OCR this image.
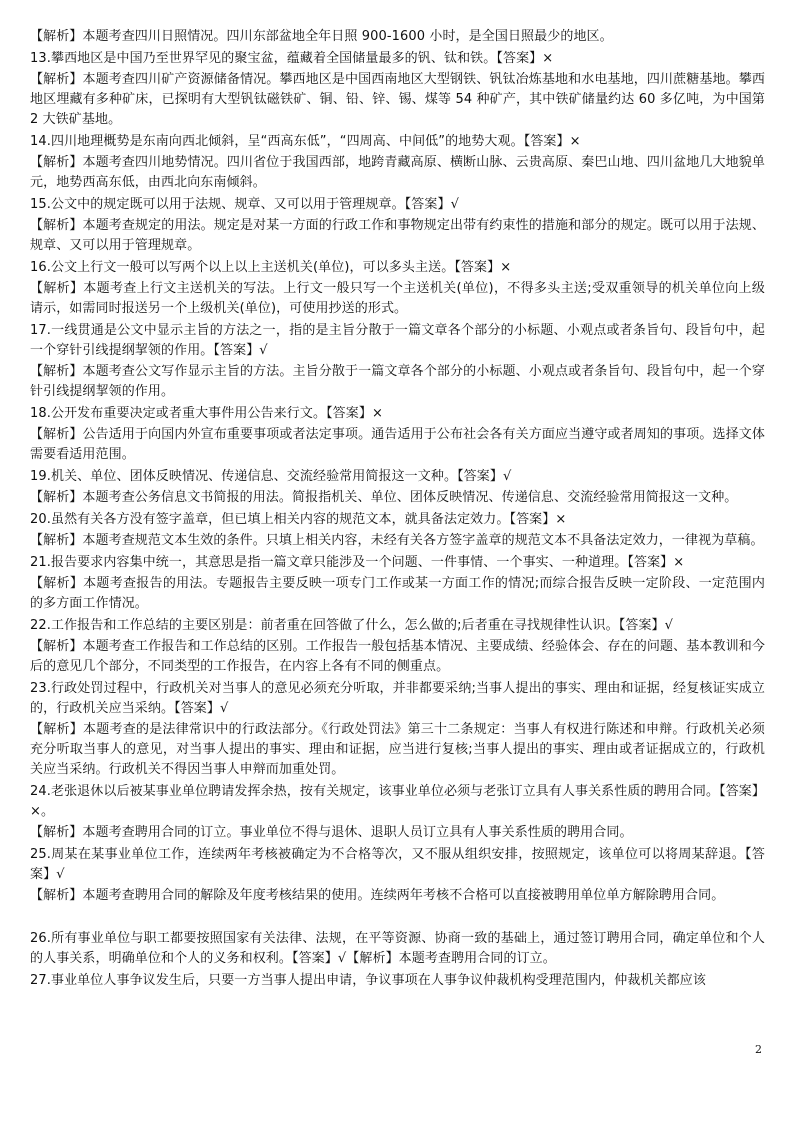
【解析】本题考查四川日照情况。四川东部盆地全年日照 900-1600 小时，是全国日照最少的地区。

13.攀西地区是中国乃至世界罕见的聚宝盆，蕴藏着全国储量最多的钒、钛和铁。【答案】×

【解析】本题考查四川矿产资源储备情况。攀西地区是中国西南地区大型钢铁、钒钛冶炼基地和水电基地，四川蔗糖基地。攀西地区埋藏有多种矿床，已探明有大型钒钛磁铁矿、铜、铅、锌、锡、煤等 54 种矿产，其中铁矿储量约达 60 多亿吨，为中国第 2 大铁矿基地。

14.四川地理概势是东南向西北倾斜，呈“西高东低”，“四周高、中间低”的地势大观。【答案】×

【解析】本题考查四川地势情况。四川省位于我国西部，地跨青藏高原、横断山脉、云贵高原、秦巴山地、四川盆地几大地貌单元，地势西高东低，由西北向东南倾斜。

15.公文中的规定既可以用于法规、规章、又可以用于管理规章。【答案】√

【解析】本题考查规定的用法。规定是对某一方面的行政工作和事物规定出带有约束性的措施和部分的规定。既可以用于法规、规章、又可以用于管理规章。

16.公文上行文一般可以写两个以上以上主送机关(单位)，可以多头主送。【答案】×

【解析】本题考查上行文主送机关的写法。上行文一般只写一个主送机关(单位)，不得多头主送;受双重领导的机关单位向上级请示，如需同时报送另一个上级机关(单位)，可使用抄送的形式。

17.一线贯通是公文中显示主旨的方法之一，指的是主旨分散于一篇文章各个部分的小标题、小观点或者条旨句、段旨句中，起一个穿针引线提纲挈领的作用。【答案】√

【解析】本题考查公文写作显示主旨的方法。主旨分散于一篇文章各个部分的小标题、小观点或者条旨句、段旨句中，起一个穿针引线提纲挈领的作用。

18.公开发布重要决定或者重大事件用公告来行文。【答案】×

【解析】公告适用于向国内外宣布重要事项或者法定事项。通告适用于公布社会各有关方面应当遵守或者周知的事项。选择文体需要看适用范围。

19.机关、单位、团体反映情况、传递信息、交流经验常用简报这一文种。【答案】√

【解析】本题考查公务信息文书简报的用法。简报指机关、单位、团体反映情况、传递信息、交流经验常用简报这一文种。

20.虽然有关各方没有签字盖章，但已填上相关内容的规范文本，就具备法定效力。【答案】×

【解析】本题考查规范文本生效的条件。只填上相关内容，未经有关各方签字盖章的规范文本不具备法定效力，一律视为草稿。

21.报告要求内容集中统一，其意思是指一篇文章只能涉及一个问题、一件事情、一个事实、一种道理。【答案】×

【解析】本题考查报告的用法。专题报告主要反映一项专门工作或某一方面工作的情况;而综合报告反映一定阶段、一定范围内的多方面工作情况。

22.工作报告和工作总结的主要区别是：前者重在回答做了什么，怎么做的;后者重在寻找规律性认识。【答案】√

【解析】本题考查工作报告和工作总结的区别。工作报告一般包括基本情况、主要成绩、经验体会、存在的问题、基本教训和今后的意见几个部分，不同类型的工作报告，在内容上各有不同的侧重点。

23.行政处罚过程中，行政机关对当事人的意见必须充分听取，并非都要采纳;当事人提出的事实、理由和证据，经复核证实成立的，行政机关应当采纳。【答案】√

【解析】本题考查的是法律常识中的行政法部分。《行政处罚法》第三十二条规定：当事人有权进行陈述和申辩。行政机关必须充分听取当事人的意见，对当事人提出的事实、理由和证据，应当进行复核;当事人提出的事实、理由或者证据成立的，行政机关应当采纳。行政机关不得因当事人申辩而加重处罚。

24.老张退休以后被某事业单位聘请发挥余热，按有关规定，该事业单位必须与老张订立具有人事关系性质的聘用合同。【答案】×。

【解析】本题考查聘用合同的订立。事业单位不得与退休、退职人员订立具有人事关系性质的聘用合同。

25.周某在某事业单位工作，连续两年考核被确定为不合格等次，又不服从组织安排，按照规定，该单位可以将周某辞退。【答案】√

【解析】本题考查聘用合同的解除及年度考核结果的使用。连续两年考核不合格可以直接被聘用单位单方解除聘用合同。

26.所有事业单位与职工都要按照国家有关法律、法规，在平等资源、协商一致的基础上，通过签订聘用合同，确定单位和个人的人事关系，明确单位和个人的义务和权利。【答案】√【解析】本题考查聘用合同的订立。

27.事业单位人事争议发生后，只要一方当事人提出申请，争议事项在人事争议仲裁机构受理范围内，仲裁机关都应该

2
